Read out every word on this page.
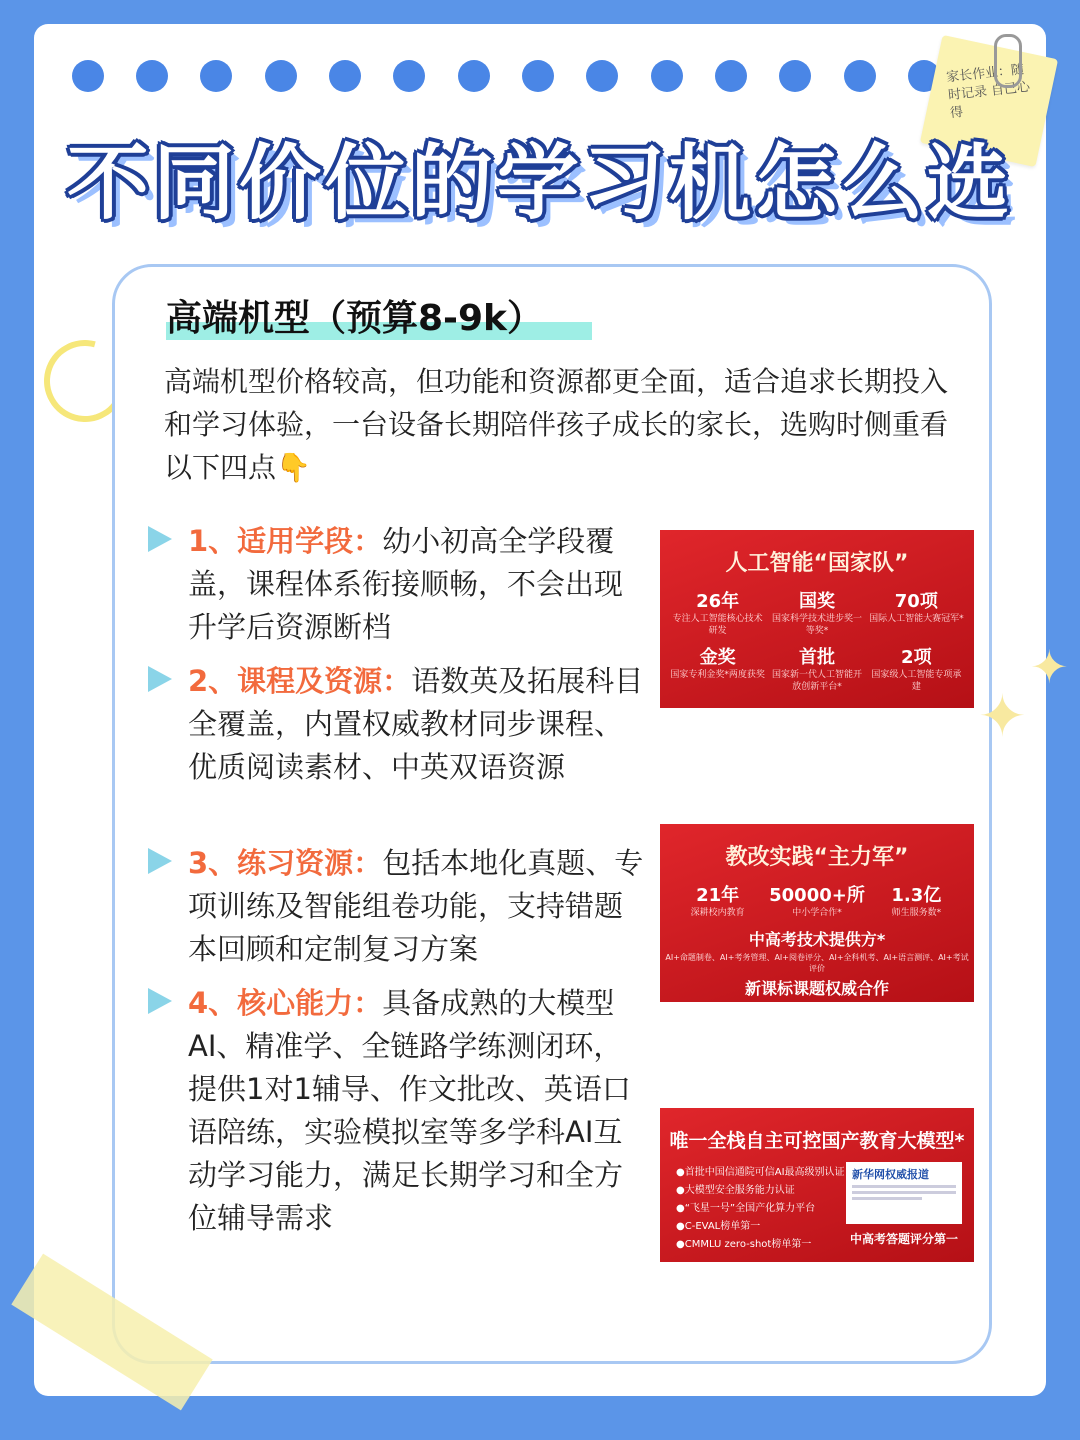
家长作业：随时记录 自己心得
不同价位的学习机怎么选
高端机型（预算8-9k）
高端机型价格较高，但功能和资源都更全面，适合追求长期投入和学习体验，一台设备长期陪伴孩子成长的家长，选购时侧重看以下四点👇
1、适用学段：幼小初高全学段覆盖，课程体系衔接顺畅，不会出现升学后资源断档
2、课程及资源：语数英及拓展科目全覆盖，内置权威教材同步课程、优质阅读素材、中英双语资源
3、练习资源：包括本地化真题、专项训练及智能组卷功能，支持错题本回顾和定制复习方案
4、核心能力：具备成熟的大模型AI、精准学、全链路学练测闭环，提供1对1辅导、作文批改、英语口语陪练，实验模拟室等多学科AI互动学习能力，满足长期学习和全方位辅导需求
人工智能“国家队”
26年
专注人工智能核心技术研发
国奖
国家科学技术进步奖一等奖*
70项
国际人工智能大赛冠军*
金奖
国家专利金奖*两度获奖
首批
国家新一代人工智能开放创新平台*
2项
国家级人工智能专项承建
教改实践“主力军”
21年
深耕校内教育
50000+所
中小学合作*
1.3亿
师生服务数*
中高考技术提供方*
AI+命题制卷、AI+考务管理、AI+阅卷评分、AI+全科机考、AI+语言测评、AI+考试评价
新课标课题权威合作
唯一全栈自主可控国产教育大模型*
●首批中国信通院可信AI最高级别认证
●大模型安全服务能力认证
●“飞星一号”全国产化算力平台
●C-EVAL榜单第一
●CMMLU zero-shot榜单第一
新华网权威报道
中高考答题评分第一
✦
✦
